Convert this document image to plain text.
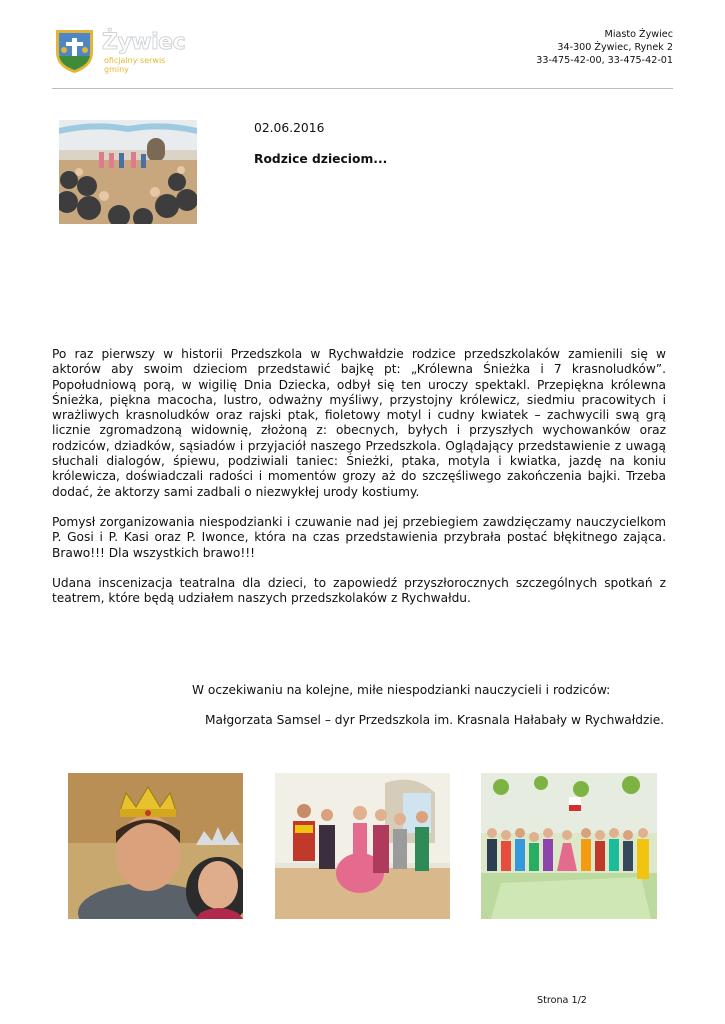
Żywiec
oficjalny serwis gminy
Miasto Żywiec
34-300 Żywiec, Rynek 2
33-475-42-00, 33-475-42-01
02.06.2016
Rodzice dzieciom...

Po raz pierwszy w historii Przedszkola w Rychwałdzie rodzice przedszkolaków zamienili się w aktorów aby swoim dzieciom przedstawić bajkę pt: „Królewna Śnieżka i 7 krasnoludków”. Popołudniową porą, w wigilię Dnia Dziecka, odbył się ten uroczy spektakl. Przepiękna królewna Śnieżka, piękna macocha, lustro, odważny myśliwy, przystojny królewicz, siedmiu pracowitych i wrażliwych krasnoludków oraz rajski ptak, fioletowy motyl i cudny kwiatek – zachwycili swą grą licznie zgromadzoną widownię, złożoną z: obecnych, byłych i przyszłych wychowanków oraz rodziców, dziadków, sąsiadów i przyjaciół naszego Przedszkola. Oglądający przedstawienie z uwagą słuchali dialogów, śpiewu, podziwiali taniec: Śnieżki, ptaka, motyla i kwiatka, jazdę na koniu królewicza, doświadczali radości i momentów grozy aż do szczęśliwego zakończenia bajki. Trzeba dodać, że aktorzy sami zadbali o niezwykłej urody kostiumy.

Pomysł zorganizowania niespodzianki i czuwanie nad jej przebiegiem zawdzięczamy nauczycielkom P. Gosi i P. Kasi oraz P. Iwonce, która na czas przedstawienia przybrała postać błękitnego zająca. Brawo!!! Dla wszystkich brawo!!!

Udana inscenizacja teatralna dla dzieci, to zapowiedź przyszłorocznych szczególnych spotkań z teatrem, które będą udziałem naszych przedszkolaków z Rychwałdu.

W oczekiwaniu na kolejne, miłe niespodzianki nauczycieli i rodziców:
Małgorzata Samsel – dyr Przedszkola im. Krasnala Hałabały w Rychwałdzie.
Strona 1/2
